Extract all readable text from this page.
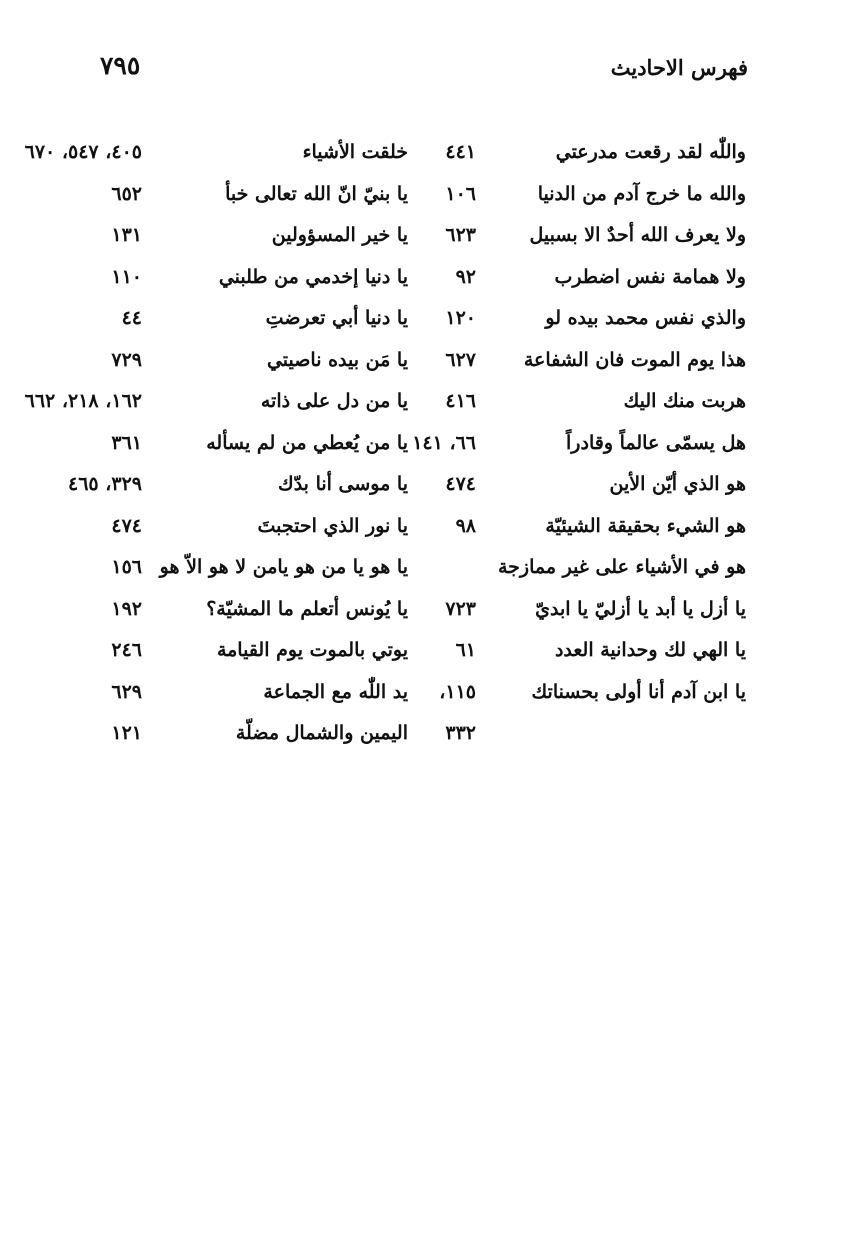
فهرس الاحاديث
٧٩٥
واللّٰه لقد رقعت مدرعتي
٤٤١
خلقت الأشياء
٤٠٥، ٥٤٧، ٦٧٠
والله ما خرج آدم من الدنيا
١٠٦
يا بنيّ انّ الله تعالى خبأ
٦٥٢
ولا يعرف الله أحدٌ الا بسبيل
٦٢٣
يا خير المسؤولين
١٣١
ولا همامة نفس اضطرب
٩٢
يا دنيا إخدمي من طلبني
١١٠
والذي نفس محمد بيده لو
١٢٠
يا دنيا أبي تعرضتِ
٤٤
هذا يوم الموت فان الشفاعة
٦٢٧
يا مَن بيده ناصيتي
٧٢٩
هربت منك اليك
٤١٦
يا من دل على ذاته
١٦٢، ٢١٨، ٦٦٢
هل يسمّى عالماً وقادراً
٦٦، ١٤١
يا من يُعطي من لم يسأله
٣٦١
هو الذي أيّن الأين
٤٧٤
يا موسى أنا بدّك
٣٢٩، ٤٦٥
هو الشيء بحقيقة الشيئيّة
٩٨
يا نور الذي احتجبتَ
٤٧٤
هو في الأشياء على غير ممازجة
يا هو يا من هو يامن لا هو الاّ هو
١٥٦
يا أزل يا أبد يا أزليّ يا ابديّ
٧٢٣
يا يُونس أتعلم ما المشيّة؟
١٩٢
يا الهي لك وحدانية العدد
٦١
يوتي بالموت يوم القيامة
٢٤٦
يا ابن آدم أنا أولى بحسناتك
١١٥،
يد اللّٰه مع الجماعة
٦٢٩
٣٣٢
اليمين والشمال مضلّة
١٢١
